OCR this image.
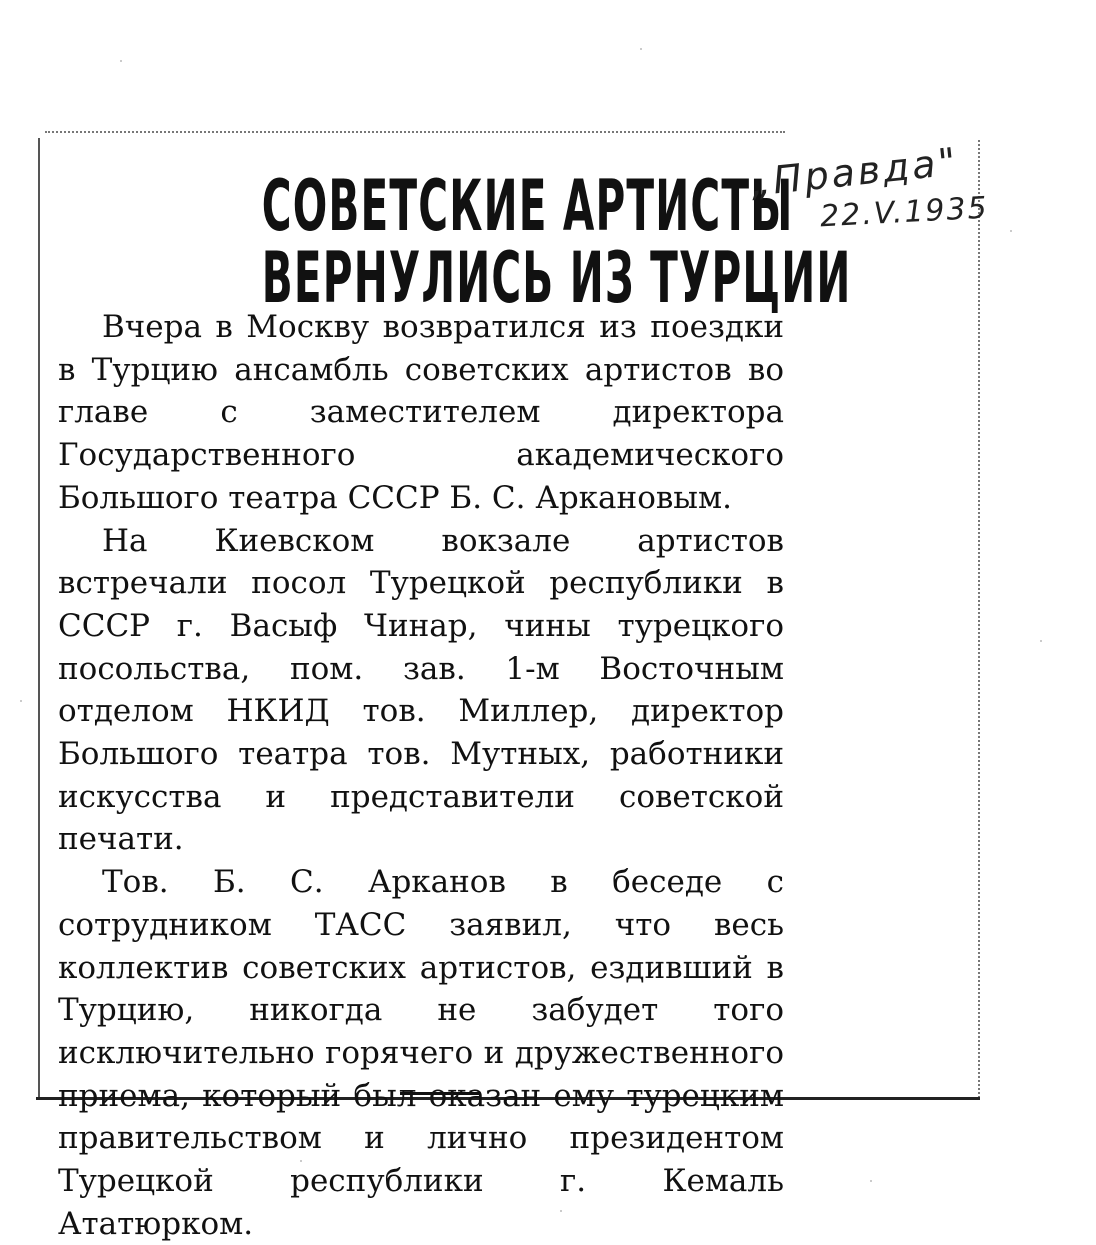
СОВЕТСКИЕ АРТИСТЫ
ВЕРНУЛИСЬ ИЗ ТУРЦИИ
„Правда"
22.V.1935

Вчера в Москву возвратился из поездки в Турцию ансамбль советских артистов во главе с заместителем директора Государственного академического Большого театра СССР Б. С. Аркановым.

На Киевском вокзале артистов встречали посол Турецкой республики в СССР г. Васыф Чинар, чины турецкого посольства, пом. зав. 1-м Восточным отделом НКИД тов. Миллер, директор Большого театра тов. Мутных, работники искусства и представители советской печати.

Тов. Б. С. Арканов в беседе с сотрудником ТАСС заявил, что весь коллектив советских артистов, ездивший в Турцию, никогда не забудет того исключительно горячего и дружественного приема, который был оказан ему турецким правительством и лично президентом Турецкой республики г. Кемаль Ататюрком.
